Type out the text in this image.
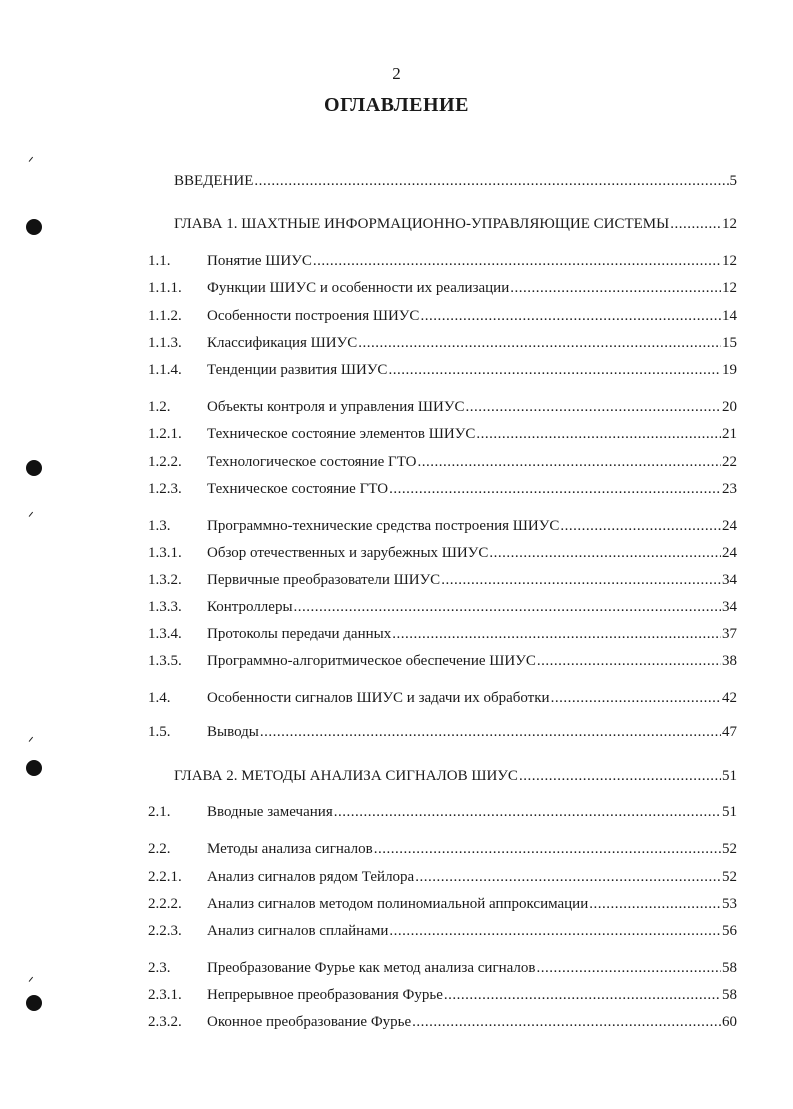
2
ОГЛАВЛЕНИЕ
ВВЕДЕНИЕ .....	5
ГЛАВА 1. ШАХТНЫЕ ИНФОРМАЦИОННО-УПРАВЛЯЮЩИЕ СИСТЕМЫ .....	12
1.1. Понятие ШИУС .....	12
1.1.1. Функции ШИУС и особенности их реализации .....	12
1.1.2. Особенности построения ШИУС .....	14
1.1.3. Классификация ШИУС .....	15
1.1.4. Тенденции развития ШИУС .....	19
1.2. Объекты контроля и управления ШИУС .....	20
1.2.1. Техническое состояние элементов ШИУС .....	21
1.2.2. Технологическое состояние ГТО .....	22
1.2.3. Техническое состояние ГТО .....	23
1.3. Программно-технические средства построения ШИУС .....	24
1.3.1. Обзор отечественных и зарубежных ШИУС .....	24
1.3.2. Первичные преобразователи ШИУС .....	34
1.3.3. Контроллеры .....	34
1.3.4. Протоколы передачи данных .....	37
1.3.5. Программно-алгоритмическое обеспечение ШИУС .....	38
1.4. Особенности сигналов ШИУС и задачи их обработки .....	42
1.5. Выводы .....	47
ГЛАВА 2. МЕТОДЫ АНАЛИЗА СИГНАЛОВ ШИУС .....	51
2.1. Вводные замечания .....	51
2.2. Методы анализа сигналов .....	52
2.2.1. Анализ сигналов рядом Тейлора .....	52
2.2.2. Анализ сигналов методом полиномиальной аппроксимации .....	53
2.2.3. Анализ сигналов сплайнами .....	56
2.3. Преобразование Фурье как метод анализа сигналов .....	58
2.3.1. Непрерывное преобразования Фурье .....	58
2.3.2. Оконное преобразование Фурье .....	60
ᐟ
ᐟ
ᐟ
ᐟ
